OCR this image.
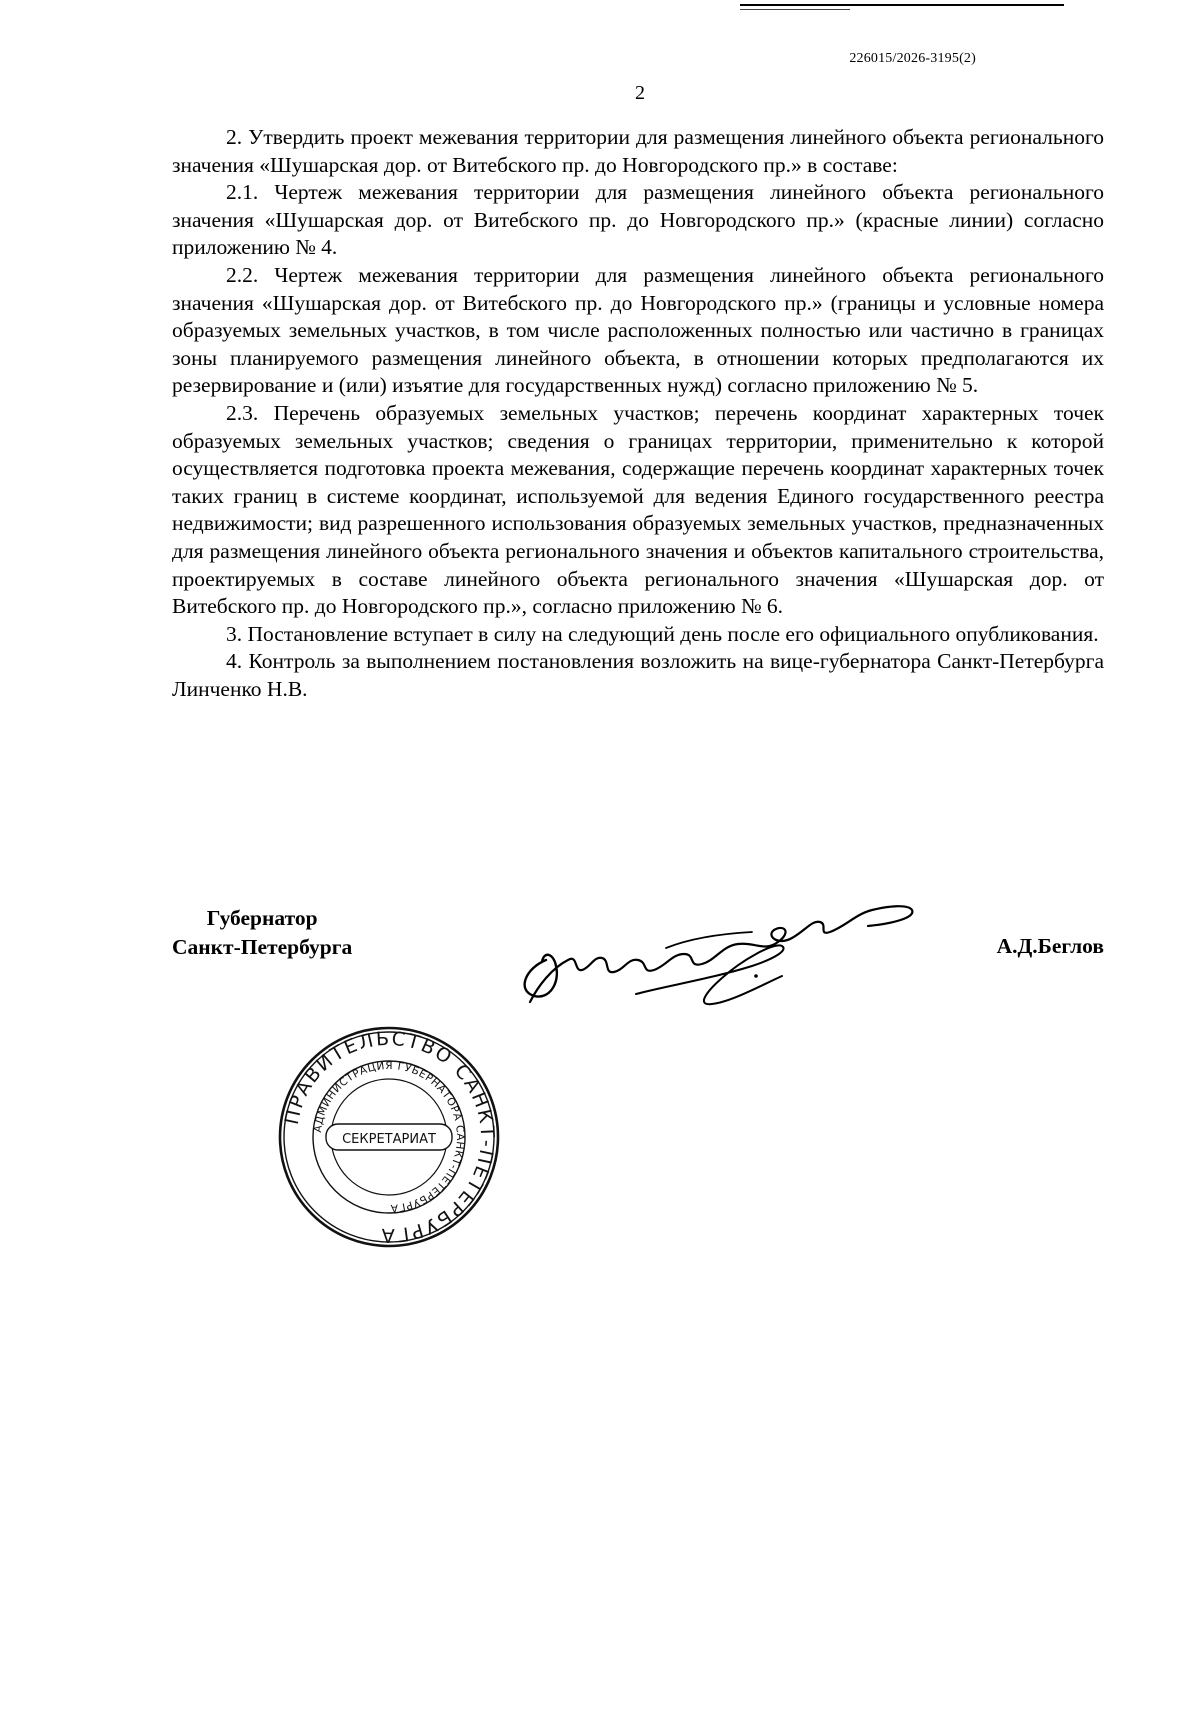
226015/2026-3195(2)
2

2. Утвердить проект межевания территории для размещения линейного объекта регионального значения «Шушарская дор. от Витебского пр. до Новгородского пр.» в составе:

2.1. Чертеж межевания территории для размещения линейного объекта регионального значения «Шушарская дор. от Витебского пр. до Новгородского пр.» (красные линии) согласно приложению № 4.

2.2. Чертеж межевания территории для размещения линейного объекта регионального значения «Шушарская дор. от Витебского пр. до Новгородского пр.» (границы и условные номера образуемых земельных участков, в том числе расположенных полностью или частично в границах зоны планируемого размещения линейного объекта, в отношении которых предполагаются их резервирование и (или) изъятие для государственных нужд) согласно приложению № 5.

2.3. Перечень образуемых земельных участков; перечень координат характерных точек образуемых земельных участков; сведения о границах территории, применительно к которой осуществляется подготовка проекта межевания, содержащие перечень координат характерных точек таких границ в системе координат, используемой для ведения Единого государственного реестра недвижимости; вид разрешенного использования образуемых земельных участков, предназначенных для размещения линейного объекта регионального значения и объектов капитального строительства, проектируемых в составе линейного объекта регионального значения «Шушарская дор. от Витебского пр. до Новгородского пр.», согласно приложению № 6.

3. Постановление вступает в силу на следующий день после его официального опубликования.

4. Контроль за выполнением постановления возложить на вице-губернатора Санкт-Петербурга Линченко Н.В.

Губернатор
Санкт-Петербурга	А.Д.Беглов
ПРАВИТЕЛЬСТВО САНКТ-ПЕТЕРБУРГА
АДМИНИСТРАЦИЯ ГУБЕРНАТОРА САНКТ-ПЕТЕРБУРГА
СЕКРЕТАРИАТ
